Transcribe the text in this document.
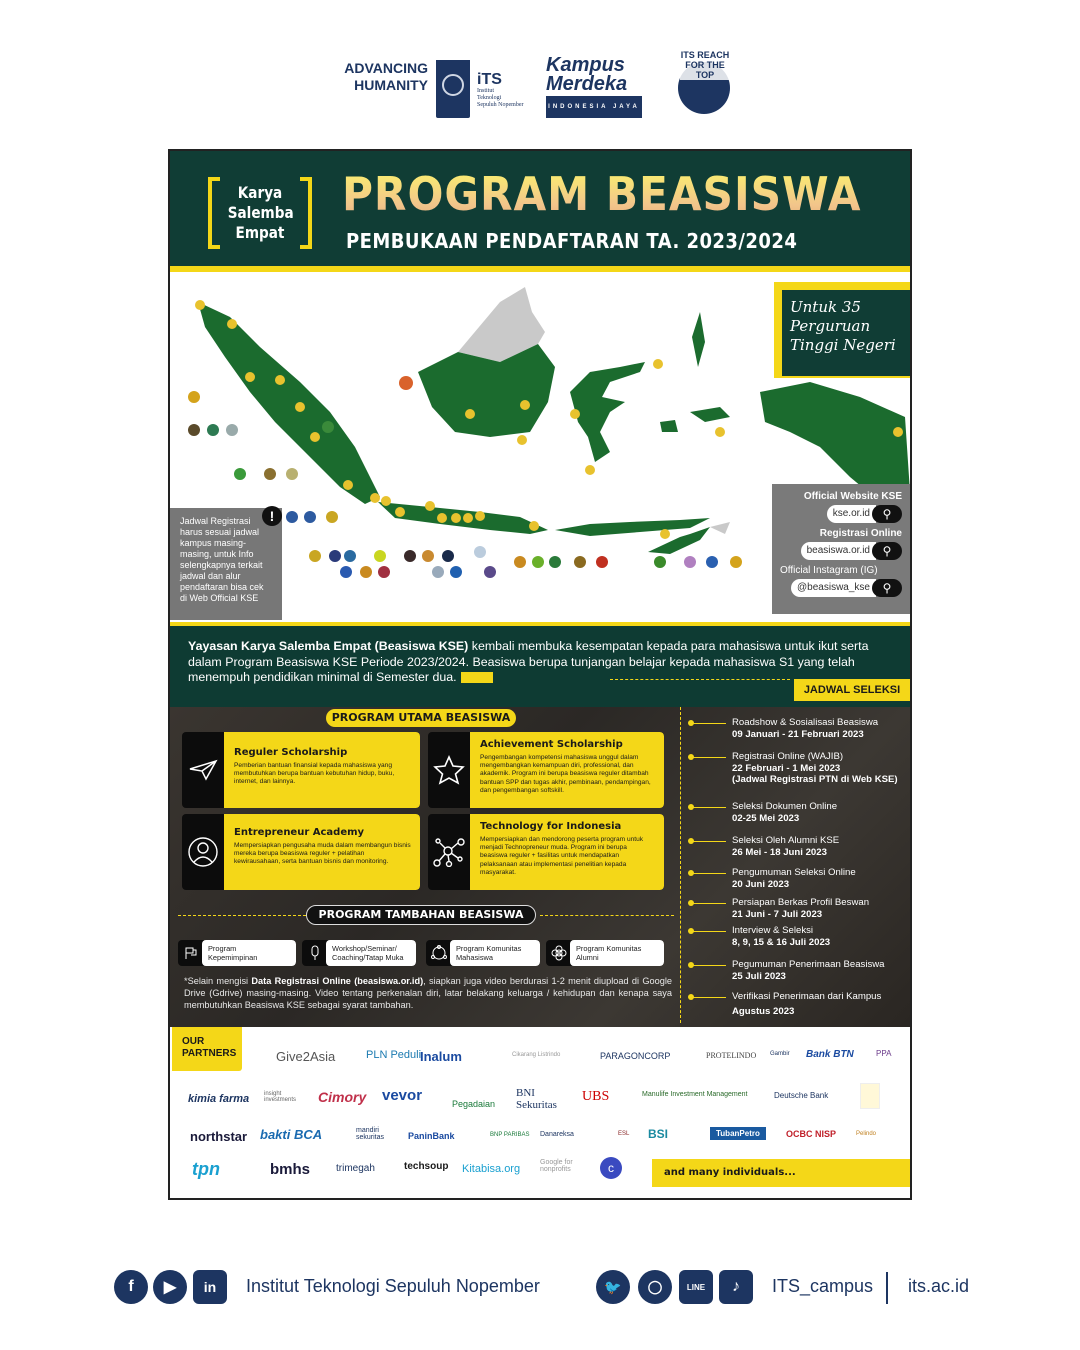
ADVANCING HUMANITY	iTS
Institut
Teknologi
Sepuluh Nopember
Kampus Merdeka
INDONESIA JAYA
ITS REACH FOR THE TOP
Karya
Salemba
Empat
PROGRAM BEASISWA
PEMBUKAAN PENDAFTARAN TA. 2023/2024
Untuk 35
Perguruan
Tinggi Negeri
Official Website KSE
kse.or.id	⚲
Registrasi Online
beasiswa.or.id	⚲
Official Instagram (IG)
@beasiswa_kse	⚲
!
Jadwal Registrasi harus sesuai jadwal kampus masing-masing, untuk Info selengkapnya terkait jadwal dan alur pendaftaran bisa cek di Web Official KSE
Yayasan Karya Salemba Empat (Beasiswa KSE) kembali membuka kesempatan kepada para mahasiswa untuk ikut serta dalam Program Beasiswa KSE Periode 2023/2024. Beasiswa berupa tunjangan belajar kepada mahasiswa S1 yang telah menempuh pendidikan minimal di Semester dua.
JADWAL SELEKSI
PROGRAM UTAMA BEASISWA
Reguler Scholarship
Pemberian bantuan finansial kepada mahasiswa yang membutuhkan berupa bantuan kebutuhan hidup, buku, internet, dan lainnya.
Achievement Scholarship
Pengembangan kompetensi mahasiswa unggul dalam mengembangkan kemampuan diri, professional, dan akademik. Program ini berupa beasiswa reguler ditambah bantuan SPP dan tugas akhir, pembinaan, pendampingan, dan pengembangan softskill.
Entrepreneur Academy
Mempersiapkan pengusaha muda dalam membangun bisnis mereka berupa beasiswa reguler + pelatihan kewirausahaan, serta bantuan bisnis dan monitoring.
Technology for Indonesia
Mempersiapkan dan mendorong peserta program untuk menjadi Technopreneur muda. Program ini berupa beasiswa reguler + fasilitas untuk mendapatkan pelaksanaan atau implementasi penelitian kepada masyarakat.
PROGRAM TAMBAHAN BEASISWA
Program
Kepemimpinan
Workshop/Seminar/
Coaching/Tatap Muka
Program Komunitas
Mahasiswa
Program Komunitas
Alumni
*Selain mengisi Data Registrasi Online (beasiswa.or.id), siapkan juga video berdurasi 1-2 menit diupload di Google Drive (Gdrive) masing-masing. Video tentang perkenalan diri, latar belakang keluarga / kehidupan dan kenapa saya membutuhkan Beasiswa KSE sebagai syarat tambahan.
Roadshow & Sosialisasi Beasiswa
09 Januari - 21 Februari 2023
Registrasi Online (WAJIB)
22 Februari - 1 Mei 2023
(Jadwal Registrasi PTN di Web KSE)
Seleksi Dokumen Online
02-25 Mei 2023
Seleksi Oleh Alumni KSE
26 Mei - 18 Juni 2023
Pengumuman Seleksi Online
20 Juni 2023
Persiapan Berkas Profil Beswan
21 Juni - 7 Juli 2023
Interview & Seleksi
8, 9, 15 & 16 Juli 2023
Pegumuman Penerimaan Beasiswa
25 Juli 2023
Verifikasi Penerimaan dari Kampus
Agustus 2023
OUR PARTNERS	Give2Asia	PLN Peduli
Inalum	Cikarang Listrindo	PARAGONCORP	PROTELINDO Gambir Bank BTN	PPA
kimia farma insight investments Cimory vevor	Pegadaian
BNI Sekuritas
UBS	Manulife Investment Management	Deutsche Bank
northstar bakti BCA	mandiri sekuritas	PaninBank	BNP PARIBAS Danareksa	ESL BSI	TubanPetro	OCBC NISP	Pelindo
tpn	bmhs	trimegah	techsoup Kitabisa.org
Google for nonprofits	c	and many individuals...
f	▶	in	Institut Teknologi Sepuluh Nopember	🐦	◯	LINE	♪	ITS_campus its.ac.id
